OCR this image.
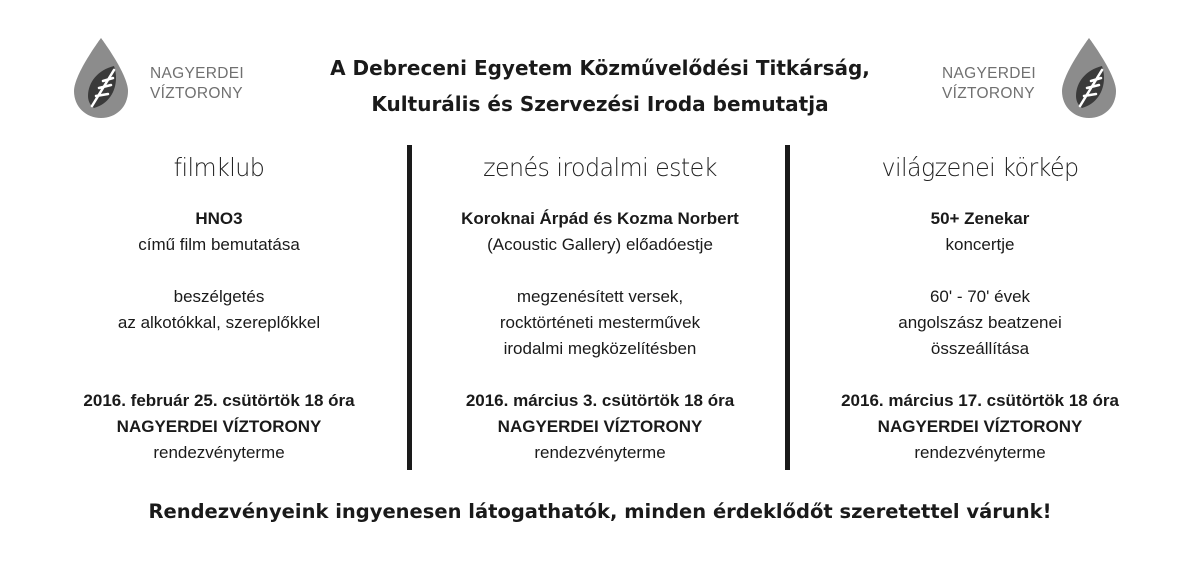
NAGYERDEI
VÍZTORONY
NAGYERDEI
VÍZTORONY
A Debreceni Egyetem Közművelődési Titkárság,
Kulturális és Szervezési Iroda bemutatja
filmklub
HNO3
című film bemutatása
beszélgetés
az alkotókkal, szereplőkkel
2016. február 25. csütörtök 18 óra
NAGYERDEI VÍZTORONY
rendezvényterme
zenés irodalmi estek
Koroknai Árpád és Kozma Norbert
(Acoustic Gallery) előadóestje
megzenésített versek,
rocktörténeti mesterművek
irodalmi megközelítésben
2016. március 3. csütörtök 18 óra
NAGYERDEI VÍZTORONY
rendezvényterme
világzenei körkép
50+ Zenekar
koncertje
60' - 70' évek
angolszász beatzenei
összeállítása
2016. március 17. csütörtök 18 óra
NAGYERDEI VÍZTORONY
rendezvényterme
Rendezvényeink ingyenesen látogathatók, minden érdeklődőt szeretettel várunk!
